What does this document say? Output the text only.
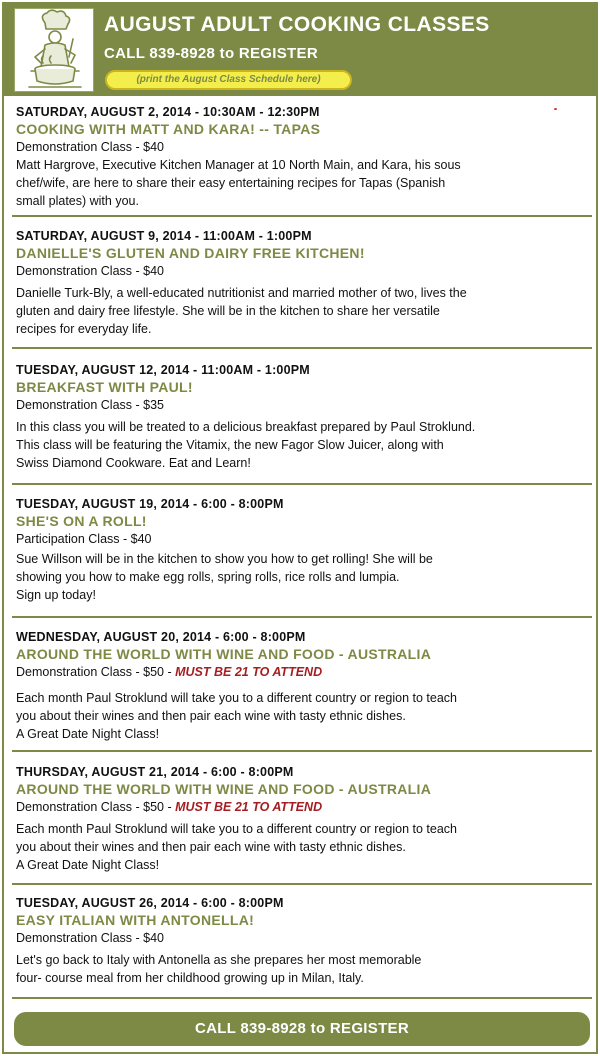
AUGUST ADULT COOKING CLASSES
CALL 839-8928 to REGISTER
(print the August Class Schedule here)
SATURDAY, AUGUST 2, 2014 - 10:30AM - 12:30PM
COOKING WITH MATT AND KARA! -- TAPAS
Demonstration Class - $40
Matt Hargrove, Executive Kitchen Manager at 10 North Main, and Kara, his sous
chef/wife, are here to share their easy entertaining recipes for Tapas (Spanish
small plates) with you.
SATURDAY, AUGUST 9, 2014 - 11:00AM - 1:00PM
DANIELLE'S GLUTEN AND DAIRY FREE KITCHEN!
Demonstration Class - $40
Danielle Turk-Bly, a well-educated nutritionist and married mother of two, lives the
gluten and dairy free lifestyle. She will be in the kitchen to share her versatile
recipes for everyday life.
TUESDAY, AUGUST 12, 2014 - 11:00AM - 1:00PM
BREAKFAST WITH PAUL!
Demonstration Class - $35
In this class you will be treated to a delicious breakfast prepared by Paul Stroklund.
This class will be featuring the Vitamix, the new Fagor Slow Juicer, along with
Swiss Diamond Cookware. Eat and Learn!
TUESDAY, AUGUST 19, 2014 - 6:00 - 8:00PM
SHE'S ON A ROLL!
Participation Class - $40
Sue Willson will be in the kitchen to show you how to get rolling! She will be
showing you how to make egg rolls, spring rolls, rice rolls and lumpia.
Sign up today!
WEDNESDAY, AUGUST 20, 2014 - 6:00 - 8:00PM
AROUND THE WORLD WITH WINE AND FOOD - AUSTRALIA
Demonstration Class - $50 - MUST BE 21 TO ATTEND
Each month Paul Stroklund will take you to a different country or region to teach
you about their wines and then pair each wine with tasty ethnic dishes.
A Great Date Night Class!
THURSDAY, AUGUST 21, 2014 - 6:00 - 8:00PM
AROUND THE WORLD WITH WINE AND FOOD - AUSTRALIA
Demonstration Class - $50 - MUST BE 21 TO ATTEND
Each month Paul Stroklund will take you to a different country or region to teach
you about their wines and then pair each wine with tasty ethnic dishes.
A Great Date Night Class!
TUESDAY, AUGUST 26, 2014 - 6:00 - 8:00PM
EASY ITALIAN WITH ANTONELLA!
Demonstration Class - $40
Let's go back to Italy with Antonella as she prepares her most memorable
four- course meal from her childhood growing up in Milan, Italy.
CALL 839-8928 to REGISTER
